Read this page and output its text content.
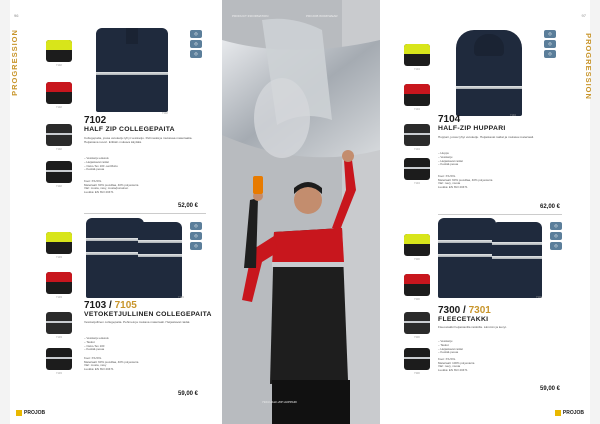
PROGRESSION
96
7102
7102
7102
7102
7102
◎
◎
◎
7102
HALF ZIP COLLEGEPAITA
Collegepaita, jossa vetoketju lyhyt vetoketju. Pehmeää ja mukavaa materiaalia. Heijastava resori. Erittäin mukava käyttää.
– Vetoketju edessä
– Heijastavat raidat
– Oeko-Tex 100 -sertifioitu
– Kestää pesua
Koot: XS-5XL
Materiaali: 60% puuvillaa, 40% polyesteria
Väri: musta, navy, musta/punainen
Luokka: EN ISO 20471
52,00 €
7103
7103
7103
7103
7103
◎
◎
◎
7103 / 7105
VETOKETJULLINEN COLLEGEPAITA
Vetoketjullinen collegepaita. Pehmeä ja mukava materiaali. Heijastavat raidat.
– Vetoketju edessä
– Taskut
– Oeko-Tex 100
– Kestää pesua
Koot: XS-5XL
Materiaali: 60% puuvillaa, 40% polyesteria
Väri: musta, navy
Luokka: EN ISO 20471
59,00 €
PROJOB
PRODUCT INFORMATION	PROJOB WORKWEAR
7104 HALF-ZIP HUPPARI
PROGRESSION
97
7104
7104
7104
7104
7104
◎
◎
◎
7104
HALF-ZIP HUPPARI
Huppari, jossa lyhyt vetoketju. Heijastavat raidat ja mukava materiaali.
– Huppu
– Vetoketju
– Heijastavat raidat
– Kestää pesua
Koot: XS-5XL
Materiaali: 60% puuvillaa, 40% polyesteria
Väri: navy, musta
Luokka: EN ISO 20471
62,00 €
7300
7300
7300
7300
7300
◎
◎
◎
7300 / 7301
FLEECETAKKI
Fleecetakki heijastavilla raidoilla. Lämmin ja kevyt.
– Vetoketju
– Taskut
– Heijastavat raidat
– Kestää pesua
Koot: XS-5XL
Materiaali: 100% polyesteria
Väri: navy, musta
Luokka: EN ISO 20471
59,00 €
PROJOB
